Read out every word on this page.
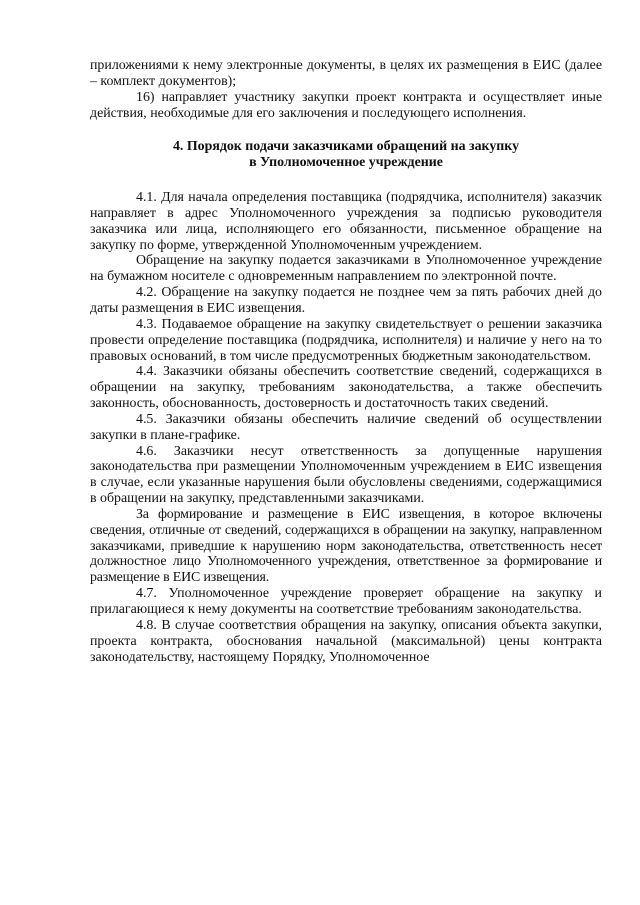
приложениями к нему электронные документы, в целях их размещения в ЕИС (далее – комплект документов);

16) направляет участнику закупки проект контракта и осуществляет иные действия, необходимые для его заключения и последующего исполнения.

4. Порядок подачи заказчиками обращений на закупку
в Уполномоченное учреждение

4.1. Для начала определения поставщика (подрядчика, исполнителя) заказчик направляет в адрес Уполномоченного учреждения за подписью руководителя заказчика или лица, исполняющего его обязанности, письменное обращение на закупку по форме, утвержденной Уполномоченным учреждением.

Обращение на закупку подается заказчиками в Уполномоченное учреждение на бумажном носителе с одновременным направлением по электронной почте.

4.2. Обращение на закупку подается не позднее чем за пять рабочих дней до даты размещения в ЕИС извещения.

4.3. Подаваемое обращение на закупку свидетельствует о решении заказчика провести определение поставщика (подрядчика, исполнителя) и наличие у него на то правовых оснований, в том числе предусмотренных бюджетным законодательством.

4.4. Заказчики обязаны обеспечить соответствие сведений, содержащихся в обращении на закупку, требованиям законодательства, а также обеспечить законность, обоснованность, достоверность и достаточность таких сведений.

4.5. Заказчики обязаны обеспечить наличие сведений об осуществлении закупки в плане-графике.

4.6. Заказчики несут ответственность за допущенные нарушения законодательства при размещении Уполномоченным учреждением в ЕИС извещения в случае, если указанные нарушения были обусловлены сведениями, содержащимися в обращении на закупку, представленными заказчиками.

За формирование и размещение в ЕИС извещения, в которое включены сведения, отличные от сведений, содержащихся в обращении на закупку, направленном заказчиками, приведшие к нарушению норм законодательства, ответственность несет должностное лицо Уполномоченного учреждения, ответственное за формирование и размещение в ЕИС извещения.

4.7. Уполномоченное учреждение проверяет обращение на закупку и прилагающиеся к нему документы на соответствие требованиям законодательства.

4.8. В случае соответствия обращения на закупку, описания объекта закупки, проекта контракта, обоснования начальной (максимальной) цены контракта законодательству, настоящему Порядку, Уполномоченное
